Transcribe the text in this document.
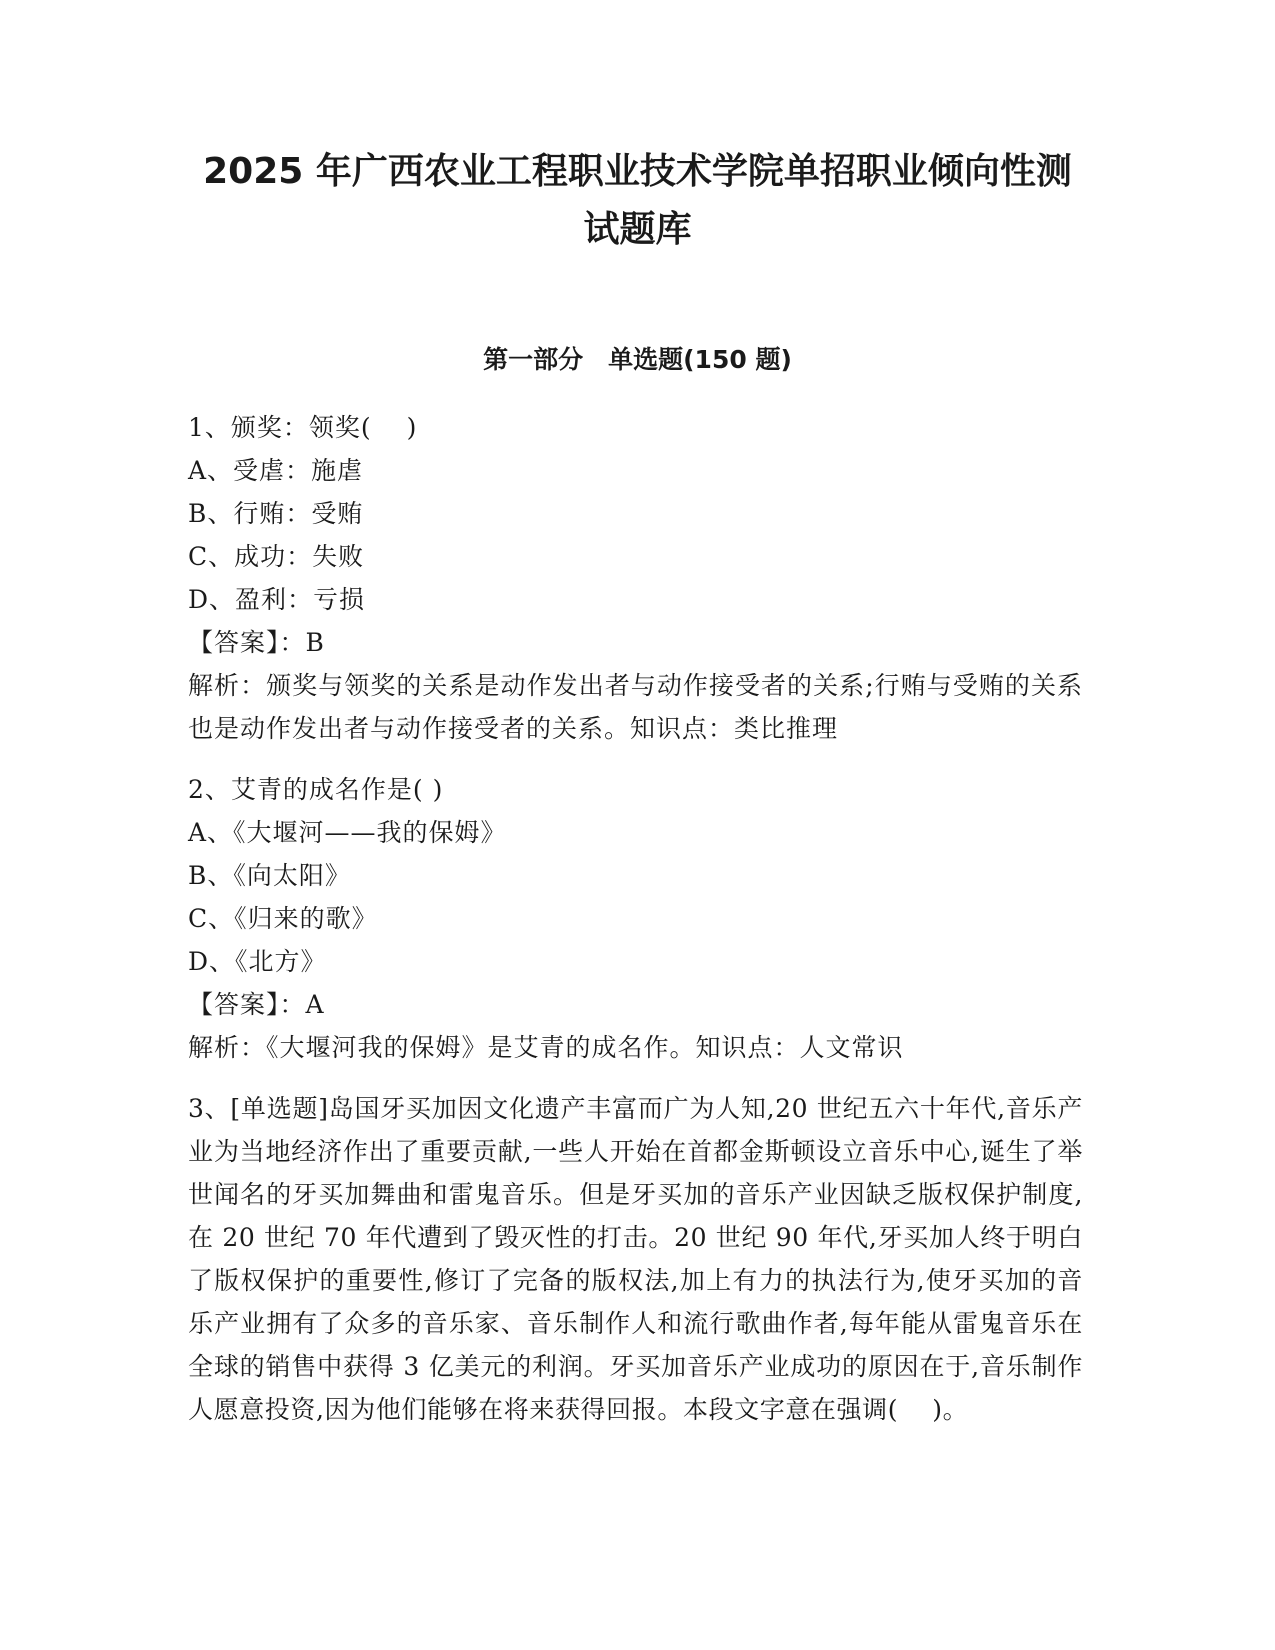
2025 年广西农业工程职业技术学院单招职业倾向性测
试题库
第一部分　单选题(150 题)
1、颁奖：领奖(　 )
A、受虐：施虐
B、行贿：受贿
C、成功：失败
D、盈利：亏损
【答案】：B

解析：颁奖与领奖的关系是动作发出者与动作接受者的关系;行贿与受贿的关系也是动作发出者与动作接受者的关系。知识点：类比推理

2、艾青的成名作是( )
A、《大堰河——我的保姆》
B、《向太阳》
C、《归来的歌》
D、《北方》
【答案】：A

解析：《大堰河我的保姆》是艾青的成名作。知识点：人文常识

3、[单选题]岛国牙买加因文化遗产丰富而广为人知,20 世纪五六十年代,音乐产业为当地经济作出了重要贡献,一些人开始在首都金斯顿设立音乐中心,诞生了举世闻名的牙买加舞曲和雷鬼音乐。但是牙买加的音乐产业因缺乏版权保护制度,在 20 世纪 70 年代遭到了毁灭性的打击。20 世纪 90 年代,牙买加人终于明白了版权保护的重要性,修订了完备的版权法,加上有力的执法行为,使牙买加的音乐产业拥有了众多的音乐家、音乐制作人和流行歌曲作者,每年能从雷鬼音乐在全球的销售中获得 3 亿美元的利润。牙买加音乐产业成功的原因在于,音乐制作人愿意投资,因为他们能够在将来获得回报。本段文字意在强调(　 )。
